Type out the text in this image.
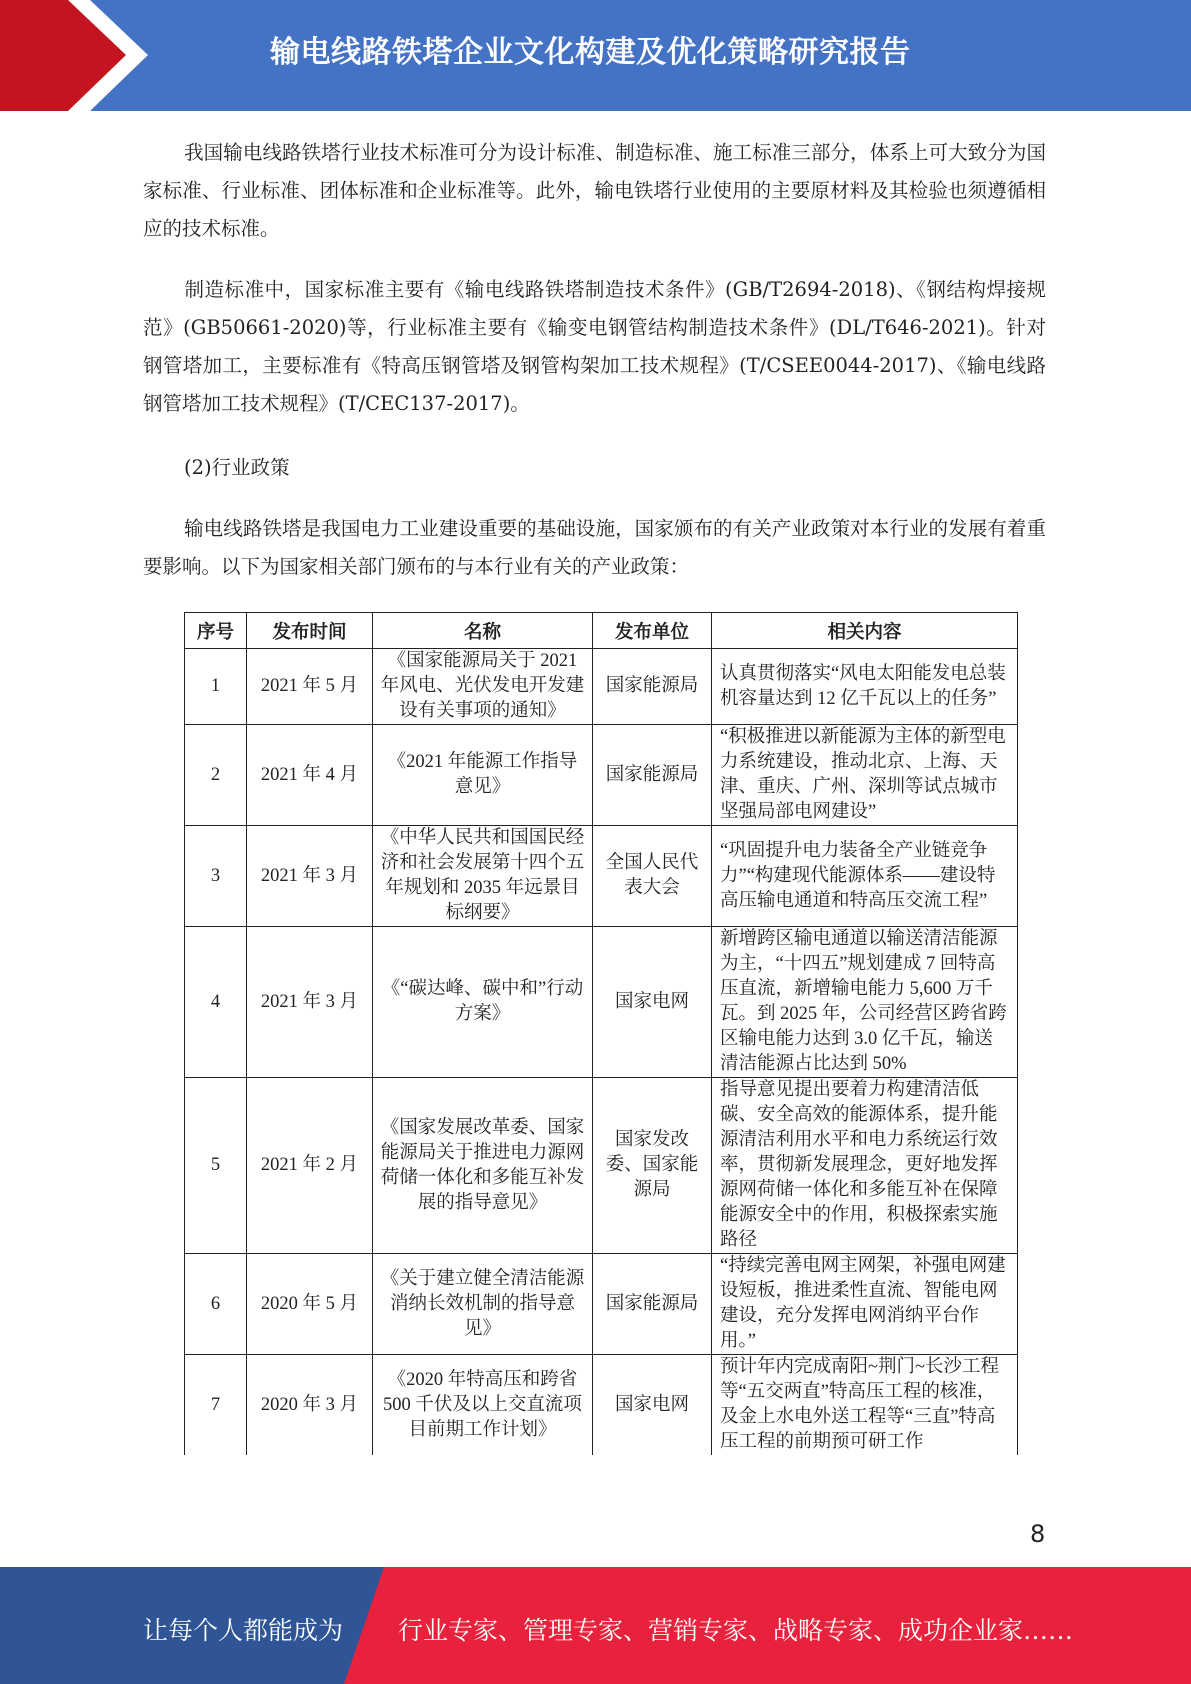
输电线路铁塔企业文化构建及优化策略研究报告

我国输电线路铁塔行业技术标准可分为设计标准、制造标准、施工标准三部分，体系上可大致分为国家标准、行业标准、团体标准和企业标准等。此外，输电铁塔行业使用的主要原材料及其检验也须遵循相应的技术标准。

制造标准中，国家标准主要有《输电线路铁塔制造技术条件》(GB/T2694-2018)、《钢结构焊接规范》(GB50661-2020)等，行业标准主要有《输变电钢管结构制造技术条件》(DL/T646-2021)。针对钢管塔加工，主要标准有《特高压钢管塔及钢管构架加工技术规程》(T/CSEE0044-2017)、《输电线路钢管塔加工技术规程》(T/CEC137-2017)。

(2)行业政策

输电线路铁塔是我国电力工业建设重要的基础设施，国家颁布的有关产业政策对本行业的发展有着重要影响。以下为国家相关部门颁布的与本行业有关的产业政策：

序号	发布时间	名称	发布单位	相关内容
1	2021 年 5 月	《国家能源局关于 2021 年风电、光伏发电开发建设有关事项的通知》	国家能源局	认真贯彻落实“风电太阳能发电总装机容量达到 12 亿千瓦以上的任务”
2	2021 年 4 月	《2021 年能源工作指导意见》	国家能源局	“积极推进以新能源为主体的新型电力系统建设，推动北京、上海、天津、重庆、广州、深圳等试点城市坚强局部电网建设”
3	2021 年 3 月	《中华人民共和国国民经济和社会发展第十四个五年规划和 2035 年远景目标纲要》	全国人民代表大会	“巩固提升电力装备全产业链竞争力”“构建现代能源体系——建设特高压输电通道和特高压交流工程”
4	2021 年 3 月	《“碳达峰、碳中和”行动方案》	国家电网	新增跨区输电通道以输送清洁能源为主，“十四五”规划建成 7 回特高压直流，新增输电能力 5,600 万千瓦。到 2025 年，公司经营区跨省跨区输电能力达到 3.0 亿千瓦，输送清洁能源占比达到 50%
5	2021 年 2 月	《国家发展改革委、国家能源局关于推进电力源网荷储一体化和多能互补发展的指导意见》	国家发改委、国家能源局	指导意见提出要着力构建清洁低碳、安全高效的能源体系，提升能源清洁利用水平和电力系统运行效率，贯彻新发展理念，更好地发挥源网荷储一体化和多能互补在保障能源安全中的作用，积极探索实施路径
6	2020 年 5 月	《关于建立健全清洁能源消纳长效机制的指导意见》	国家能源局	“持续完善电网主网架，补强电网建设短板，推进柔性直流、智能电网建设，充分发挥电网消纳平台作用。”
7	2020 年 3 月	《2020 年特高压和跨省 500 千伏及以上交直流项目前期工作计划》	国家电网	预计年内完成南阳~荆门~长沙工程等“五交两直”特高压工程的核准，及金上水电外送工程等“三直”特高压工程的前期预可研工作
8
让每个人都能成为 行业专家、管理专家、营销专家、战略专家、成功企业家……
